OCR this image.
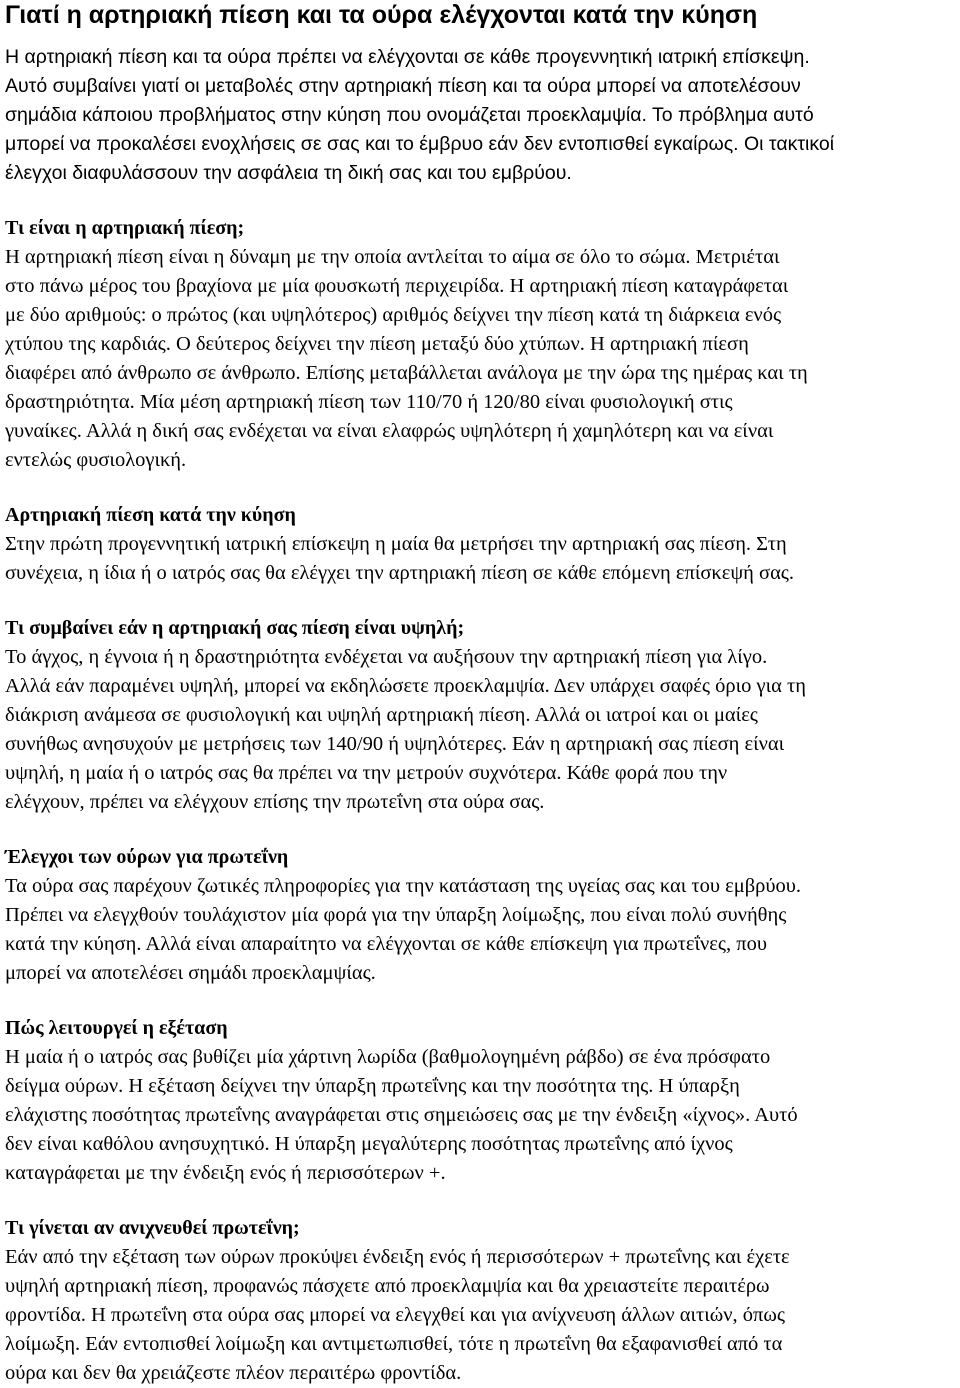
Γιατί η αρτηριακή πίεση και τα ούρα ελέγχονται κατά την κύηση

Η αρτηριακή πίεση και τα ούρα πρέπει να ελέγχονται σε κάθε προγεννητική ιατρική επίσκεψη.
Αυτό συμβαίνει γιατί οι μεταβολές στην αρτηριακή πίεση και τα ούρα μπορεί να αποτελέσουν
σημάδια κάποιου προβλήματος στην κύηση που ονομάζεται προεκλαμψία. Το πρόβλημα αυτό
μπορεί να προκαλέσει ενοχλήσεις σε σας και το έμβρυο εάν δεν εντοπισθεί εγκαίρως. Οι τακτικοί
έλεγχοι διαφυλάσσουν την ασφάλεια τη δική σας και του εμβρύου.

Τι είναι η αρτηριακή πίεση;

Η αρτηριακή πίεση είναι η δύναμη με την οποία αντλείται το αίμα σε όλο το σώμα. Μετριέται
στο πάνω μέρος του βραχίονα με μία φουσκωτή περιχειρίδα. Η αρτηριακή πίεση καταγράφεται
με δύο αριθμούς: ο πρώτος (και υψηλότερος) αριθμός δείχνει την πίεση κατά τη διάρκεια ενός
χτύπου της καρδιάς. Ο δεύτερος δείχνει την πίεση μεταξύ δύο χτύπων. Η αρτηριακή πίεση
διαφέρει από άνθρωπο σε άνθρωπο. Επίσης μεταβάλλεται ανάλογα με την ώρα της ημέρας και τη
δραστηριότητα. Μία μέση αρτηριακή πίεση των 110/70 ή 120/80 είναι φυσιολογική στις
γυναίκες. Αλλά η δική σας ενδέχεται να είναι ελαφρώς υψηλότερη ή χαμηλότερη και να είναι
εντελώς φυσιολογική.

Αρτηριακή πίεση κατά την κύηση

Στην πρώτη προγεννητική ιατρική επίσκεψη η μαία θα μετρήσει την αρτηριακή σας πίεση. Στη
συνέχεια, η ίδια ή ο ιατρός σας θα ελέγχει την αρτηριακή πίεση σε κάθε επόμενη επίσκεψή σας.

Τι συμβαίνει εάν η αρτηριακή σας πίεση είναι υψηλή;

Το άγχος, η έγνοια ή η δραστηριότητα ενδέχεται να αυξήσουν την αρτηριακή πίεση για λίγο.
Αλλά εάν παραμένει υψηλή, μπορεί να εκδηλώσετε προεκλαμψία. Δεν υπάρχει σαφές όριο για τη
διάκριση ανάμεσα σε φυσιολογική και υψηλή αρτηριακή πίεση. Αλλά οι ιατροί και οι μαίες
συνήθως ανησυχούν με μετρήσεις των 140/90 ή υψηλότερες. Εάν η αρτηριακή σας πίεση είναι
υψηλή, η μαία ή ο ιατρός σας θα πρέπει να την μετρούν συχνότερα. Κάθε φορά που την
ελέγχουν, πρέπει να ελέγχουν επίσης την πρωτεΐνη στα ούρα σας.

Έλεγχοι των ούρων για πρωτεΐνη

Τα ούρα σας παρέχουν ζωτικές πληροφορίες για την κατάσταση της υγείας σας και του εμβρύου.
Πρέπει να ελεγχθούν τουλάχιστον μία φορά για την ύπαρξη λοίμωξης, που είναι πολύ συνήθης
κατά την κύηση. Αλλά είναι απαραίτητο να ελέγχονται σε κάθε επίσκεψη για πρωτεΐνες, που
μπορεί να αποτελέσει σημάδι προεκλαμψίας.

Πώς λειτουργεί η εξέταση

Η μαία ή ο ιατρός σας βυθίζει μία χάρτινη λωρίδα (βαθμολογημένη ράβδο) σε ένα πρόσφατο
δείγμα ούρων. Η εξέταση δείχνει την ύπαρξη πρωτεΐνης και την ποσότητα της. Η ύπαρξη
ελάχιστης ποσότητας πρωτεΐνης αναγράφεται στις σημειώσεις σας με την ένδειξη «ίχνος». Αυτό
δεν είναι καθόλου ανησυχητικό. Η ύπαρξη μεγαλύτερης ποσότητας πρωτεΐνης από ίχνος
καταγράφεται με την ένδειξη ενός ή περισσότερων +.

Τι γίνεται αν ανιχνευθεί πρωτεΐνη;

Εάν από την εξέταση των ούρων προκύψει ένδειξη ενός ή περισσότερων + πρωτεΐνης και έχετε
υψηλή αρτηριακή πίεση, προφανώς πάσχετε από προεκλαμψία και θα χρειαστείτε περαιτέρω
φροντίδα. Η πρωτεΐνη στα ούρα σας μπορεί να ελεγχθεί και για ανίχνευση άλλων αιτιών, όπως
λοίμωξη. Εάν εντοπισθεί λοίμωξη και αντιμετωπισθεί, τότε η πρωτεΐνη θα εξαφανισθεί από τα
ούρα και δεν θα χρειάζεστε πλέον περαιτέρω φροντίδα.
